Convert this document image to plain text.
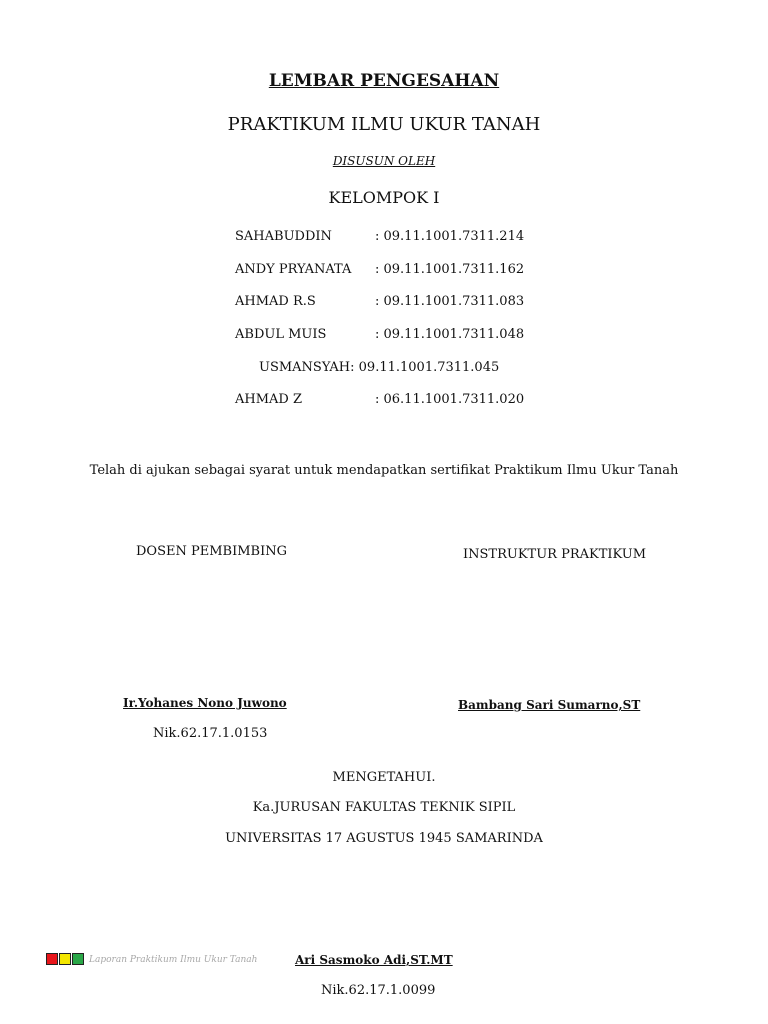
LEMBAR PENGESAHAN
PRAKTIKUM ILMU UKUR TANAH
DISUSUN OLEH
KELOMPOK I
SAHABUDDIN	: 09.11.1001.7311.214
ANDY PRYANATA : 09.11.1001.7311.162
AHMAD R.S	: 09.11.1001.7311.083
ABDUL MUIS	: 09.11.1001.7311.048
USMANSYAH: 09.11.1001.7311.045
AHMAD Z	: 06.11.1001.7311.020
Telah di ajukan sebagai syarat untuk mendapatkan sertifikat Praktikum Ilmu Ukur Tanah
DOSEN PEMBIMBING	INSTRUKTUR PRAKTIKUM
Ir.Yohanes Nono Juwono	Bambang Sari Sumarno,ST
Nik.62.17.1.0153
MENGETAHUI.
Ka.JURUSAN FAKULTAS TEKNIK SIPIL
UNIVERSITAS 17 AGUSTUS 1945 SAMARINDA
Ari Sasmoko Adi,ST.MT
Nik.62.17.1.0099
Laporan Praktikum Ilmu Ukur Tanah
